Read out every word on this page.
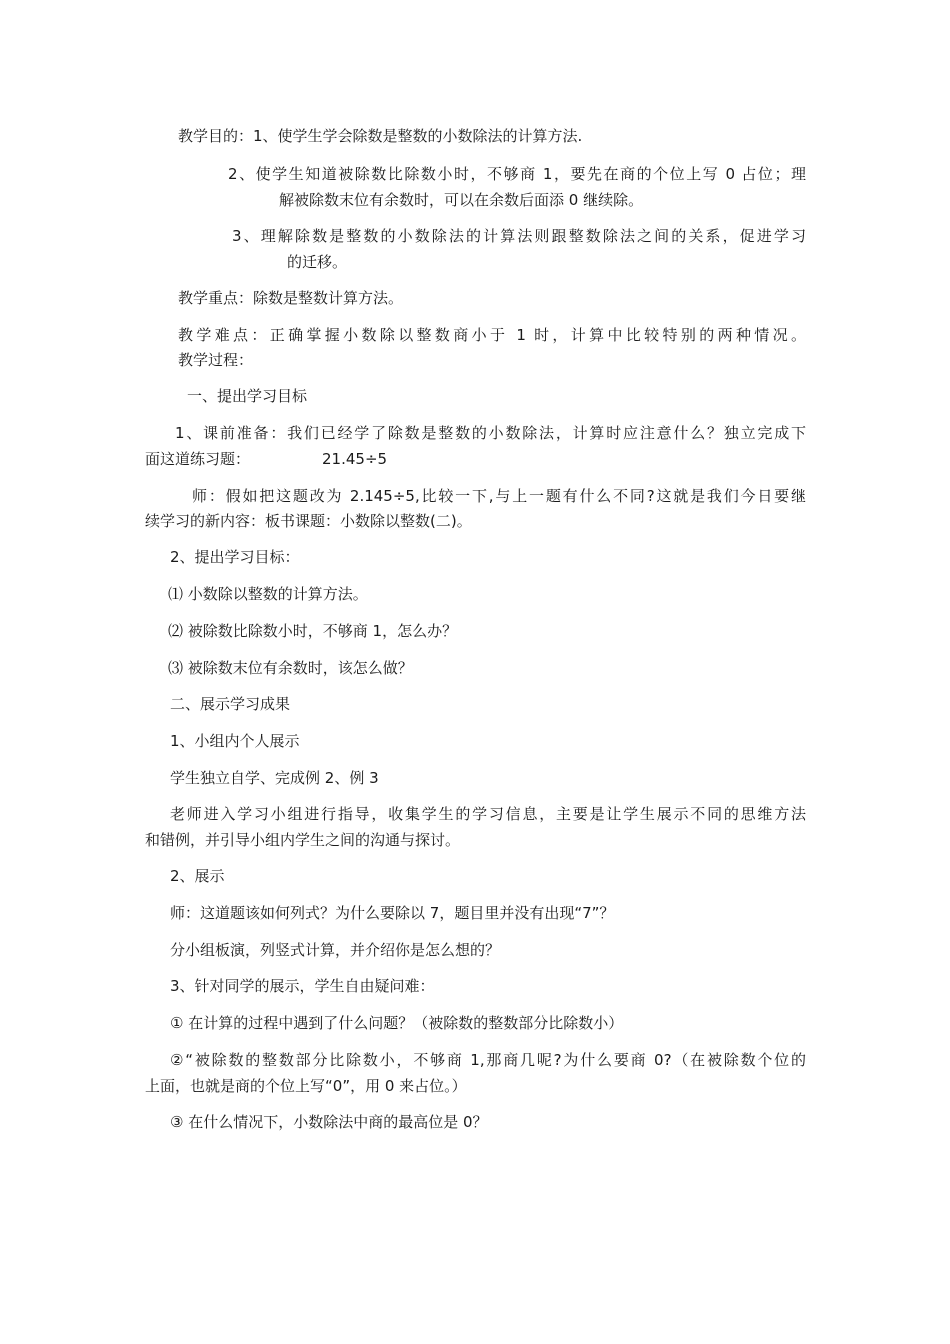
教学目的：1、使学生学会除数是整数的小数除法的计算方法.
2、使学生知道被除数比除数小时，不够商 1，要先在商的个位上写 0 占位；理
解被除数末位有余数时，可以在余数后面添 0 继续除。
3、理解除数是整数的小数除法的计算法则跟整数除法之间的关系，促进学习
的迁移。
教学重点：除数是整数计算方法。
教学难点：正确掌握小数除以整数商小于 1 时，计算中比较特别的两种情况。
教学过程：
一、提出学习目标
1、课前准备：我们已经学了除数是整数的小数除法，计算时应注意什么？独立完成下
面这道练习题：	21.45÷5
师：假如把这题改为 2.145÷5,比较一下,与上一题有什么不同?这就是我们今日要继
续学习的新内容：板书课题：小数除以整数(二)。
2、提出学习目标：
⑴ 小数除以整数的计算方法。
⑵ 被除数比除数小时，不够商 1，怎么办？
⑶ 被除数末位有余数时，该怎么做？
二、展示学习成果
1、小组内个人展示
学生独立自学、完成例 2、例 3
老师进入学习小组进行指导，收集学生的学习信息，主要是让学生展示不同的思维方法
和错例，并引导小组内学生之间的沟通与探讨。
2、展示
师：这道题该如何列式？为什么要除以 7，题目里并没有出现“7”？
分小组板演，列竖式计算，并介绍你是怎么想的？
3、针对同学的展示，学生自由疑问难：
① 在计算的过程中遇到了什么问题？（被除数的整数部分比除数小）
②“被除数的整数部分比除数小，不够商 1,那商几呢?为什么要商 0?（在被除数个位的
上面，也就是商的个位上写“0”，用 0 来占位。）
③ 在什么情况下，小数除法中商的最高位是 0？
